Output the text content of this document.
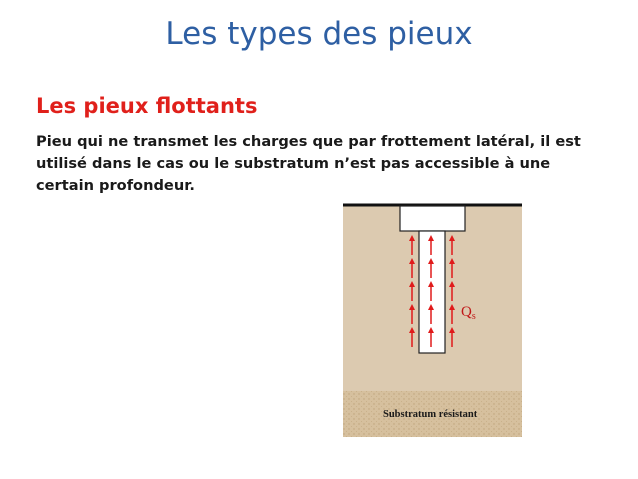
Les types des pieux
Les pieux flottants
Pieu qui ne transmet les charges que par frottement latéral, il est utilisé dans le cas ou le substratum n’est pas accessible à une certain profondeur.
$Q_s$
Substratum résistant
